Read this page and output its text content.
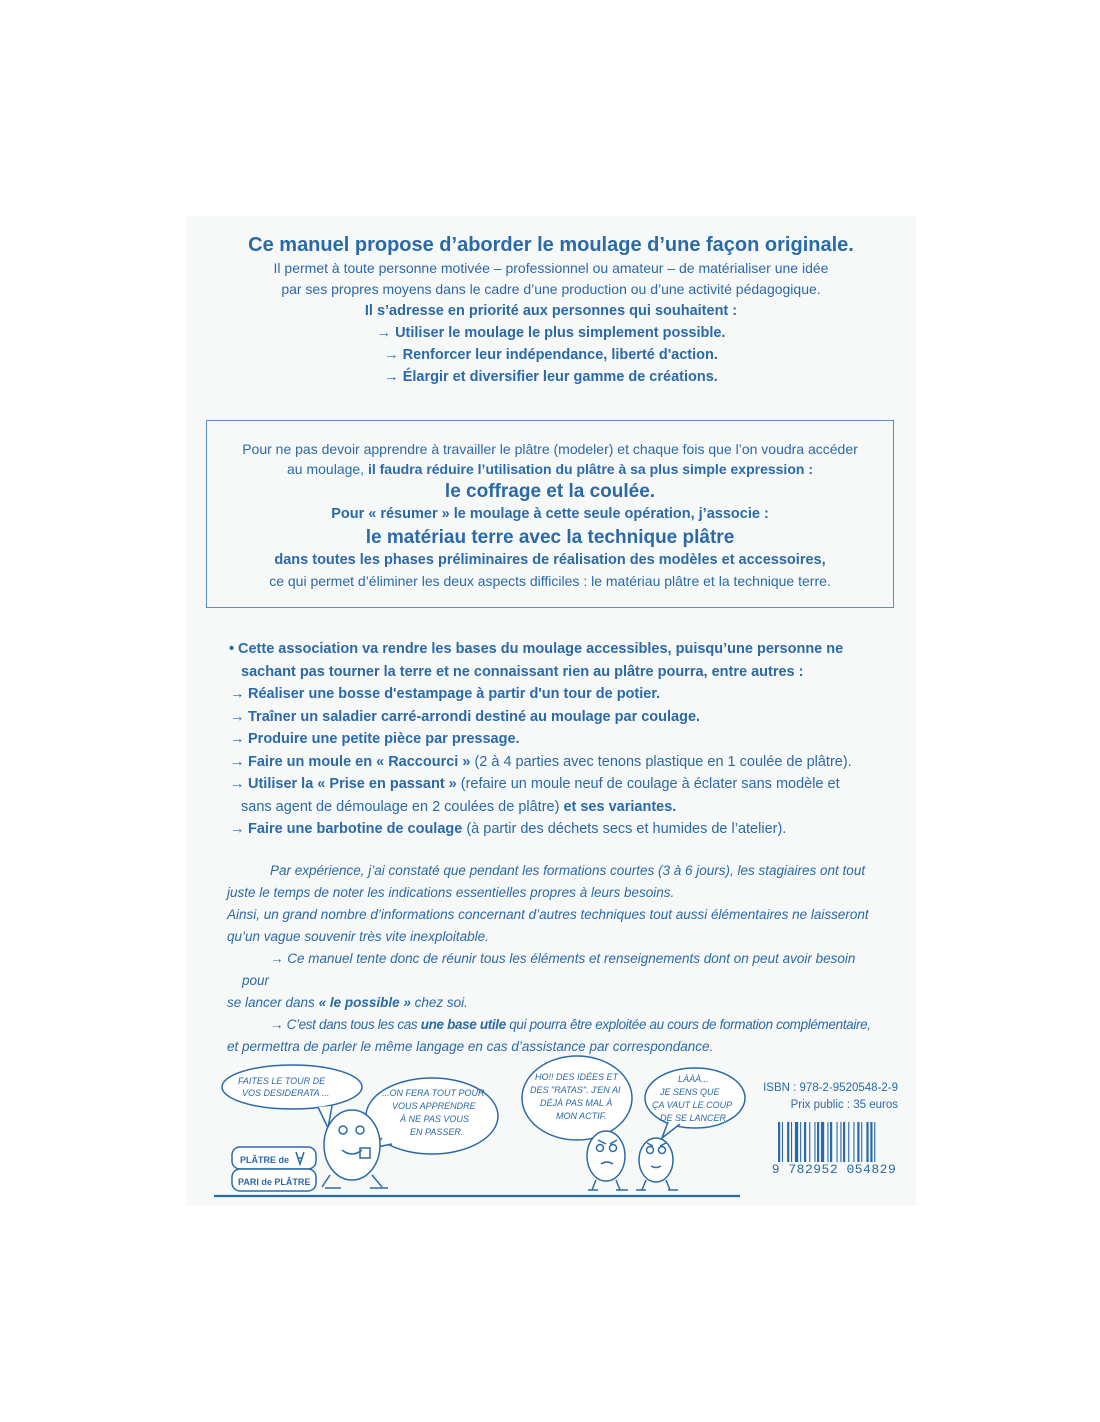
Ce manuel propose d’aborder le moulage d’une façon originale.
Il permet à toute personne motivée – professionnel ou amateur – de matérialiser une idée
par ses propres moyens dans le cadre d’une production ou d’une activité pédagogique.
Il s’adresse en priorité aux personnes qui souhaitent :
→ Utiliser le moulage le plus simplement possible.
→ Renforcer leur indépendance, liberté d'action.
→ Élargir et diversifier leur gamme de créations.
Pour ne pas devoir apprendre à travailler le plâtre (modeler) et chaque fois que l’on voudra accéder
au moulage, il faudra réduire l’utilisation du plâtre à sa plus simple expression :
le coffrage et la coulée.
Pour « résumer » le moulage à cette seule opération, j’associe :
le matériau terre avec la technique plâtre
dans toutes les phases préliminaires de réalisation des modèles et accessoires,
ce qui permet d’éliminer les deux aspects difficiles : le matériau plâtre et la technique terre.

• Cette association va rendre les bases du moulage accessibles, puisqu’une personne ne

sachant pas tourner la terre et ne connaissant rien au plâtre pourra, entre autres :

→ Réaliser une bosse d'estampage à partir d'un tour de potier.

→ Traîner un saladier carré-arrondi destiné au moulage par coulage.

→ Produire une petite pièce par pressage.

→ Faire un moule en « Raccourci » (2 à 4 parties avec tenons plastique en 1 coulée de plâtre).

→ Utiliser la « Prise en passant » (refaire un moule neuf de coulage à éclater sans modèle et

sans agent de démoulage en 2 coulées de plâtre) et ses variantes.

→ Faire une barbotine de coulage (à partir des déchets secs et humides de l’atelier).

Par expérience, j’ai constaté que pendant les formations courtes (3 à 6 jours), les stagiaires ont tout

juste le temps de noter les indications essentielles propres à leurs besoins.

Ainsi, un grand nombre d’informations concernant d’autres techniques tout aussi élémentaires ne laisseront

qu’un vague souvenir très vite inexploitable.

→ Ce manuel tente donc de réunir tous les éléments et renseignements dont on peut avoir besoin pour

se lancer dans « le possible » chez soi.

→ C’est dans tous les cas une base utile qui pourra être exploitée au cours de formation complémentaire,

et permettra de parler le même langage en cas d’assistance par correspondance.

FAITES LE TOUR DE
VOS DESIDERATA ...	...ON FERA TOUT POUR
VOUS APPRENDRE
À NE PAS VOUS
EN PASSER.
HO!! DES IDÉES ET
DES "RATAS". J'EN AI
DÉJÀ PAS MAL À
MON ACTIF.
LÀÀÀ...
JE SENS QUE
ÇA VAUT LE COUP
DE SE LANCER
PLÂTRE de
PARI de PLÂTRE
ISBN : 978-2-9520548-2-9
Prix public : 35 euros
9 782952 054829
